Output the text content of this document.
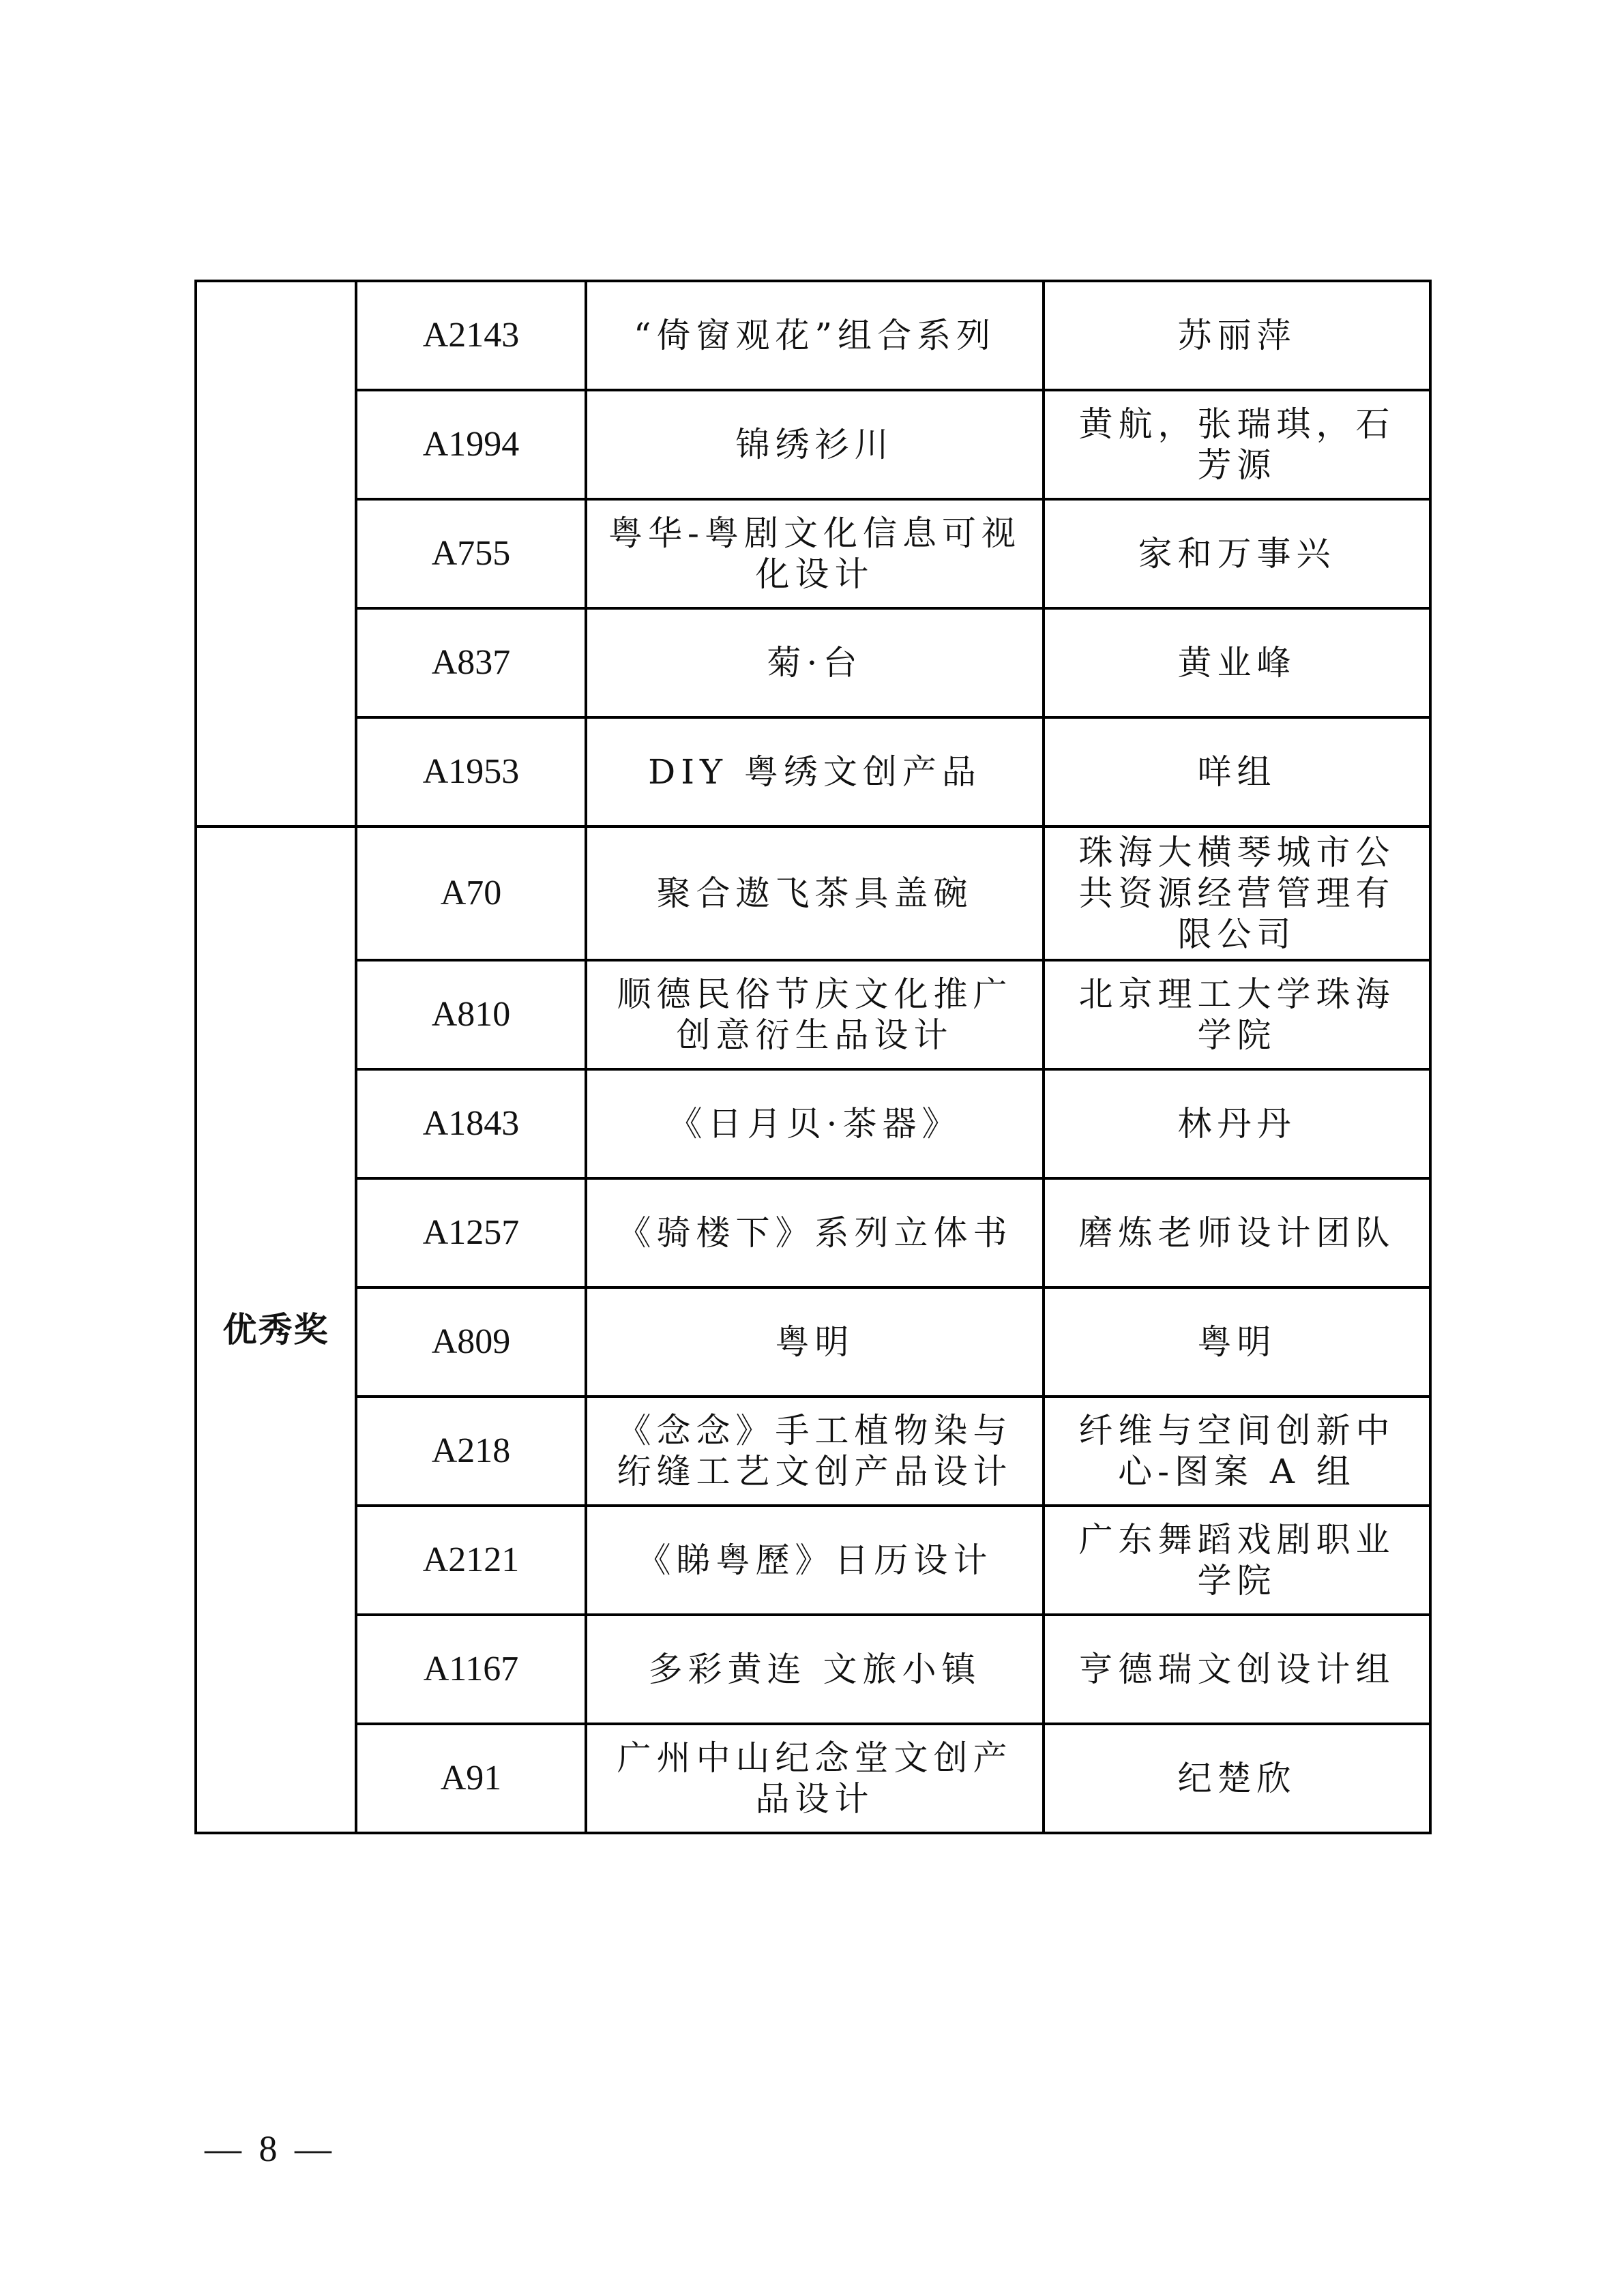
	A2143	“倚窗观花”组合系列	苏丽萍
	A1994	锦绣衫川	黄航，张瑞琪，石芳源
	A755	粤华-粤剧文化信息可视化设计	家和万事兴
	A837	菊·台	黄业峰
	A1953	DIY 粤绣文创产品	咩组
优秀奖	A70	聚合遨飞茶具盖碗	珠海大横琴城市公共资源经营管理有限公司
	A810	顺德民俗节庆文化推广创意衍生品设计	北京理工大学珠海学院
	A1843	《日月贝·茶器》	林丹丹
	A1257	《骑楼下》系列立体书	磨炼老师设计团队
	A809	粤明	粤明
	A218	《念念》手工植物染与绗缝工艺文创产品设计	纤维与空间创新中心-图案 A 组
	A2121	《睇粤歷》日历设计	广东舞蹈戏剧职业学院
	A1167	多彩黄连 文旅小镇	亨德瑞文创设计组
	A91	广州中山纪念堂文创产品设计	纪楚欣
— 8 —
